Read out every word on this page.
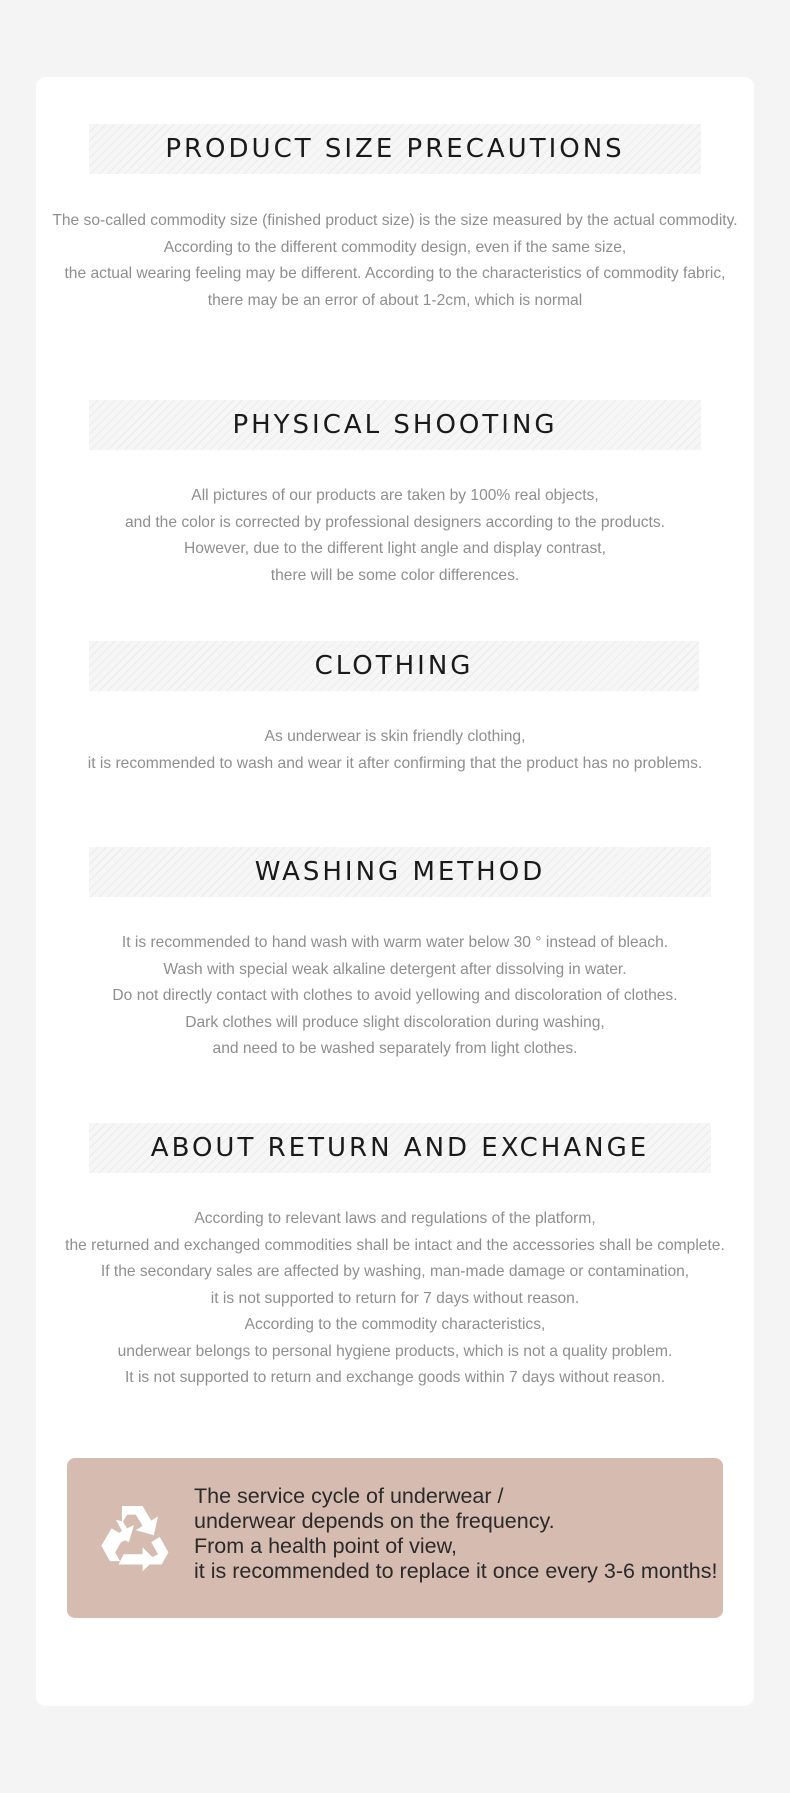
PRODUCT SIZE PRECAUTIONS
The so-called commodity size (finished product size) is the size measured by the actual commodity.
According to the different commodity design, even if the same size,
the actual wearing feeling may be different. According to the characteristics of commodity fabric,
there may be an error of about 1-2cm, which is normal
PHYSICAL SHOOTING
All pictures of our products are taken by 100% real objects,
and the color is corrected by professional designers according to the products.
However, due to the different light angle and display contrast,
there will be some color differences.
CLOTHING
As underwear is skin friendly clothing,
it is recommended to wash and wear it after confirming that the product has no problems.
WASHING METHOD
It is recommended to hand wash with warm water below 30 ° instead of bleach.
Wash with special weak alkaline detergent after dissolving in water.
Do not directly contact with clothes to avoid yellowing and discoloration of clothes.
Dark clothes will produce slight discoloration during washing,
and need to be washed separately from light clothes.
ABOUT RETURN AND EXCHANGE
According to relevant laws and regulations of the platform,
the returned and exchanged commodities shall be intact and the accessories shall be complete.
If the secondary sales are affected by washing, man-made damage or contamination,
it is not supported to return for 7 days without reason.
According to the commodity characteristics,
underwear belongs to personal hygiene products, which is not a quality problem.
It is not supported to return and exchange goods within 7 days without reason.
The service cycle of underwear /
underwear depends on the frequency.
From a health point of view,
it is recommended to replace it once every 3-6 months!
